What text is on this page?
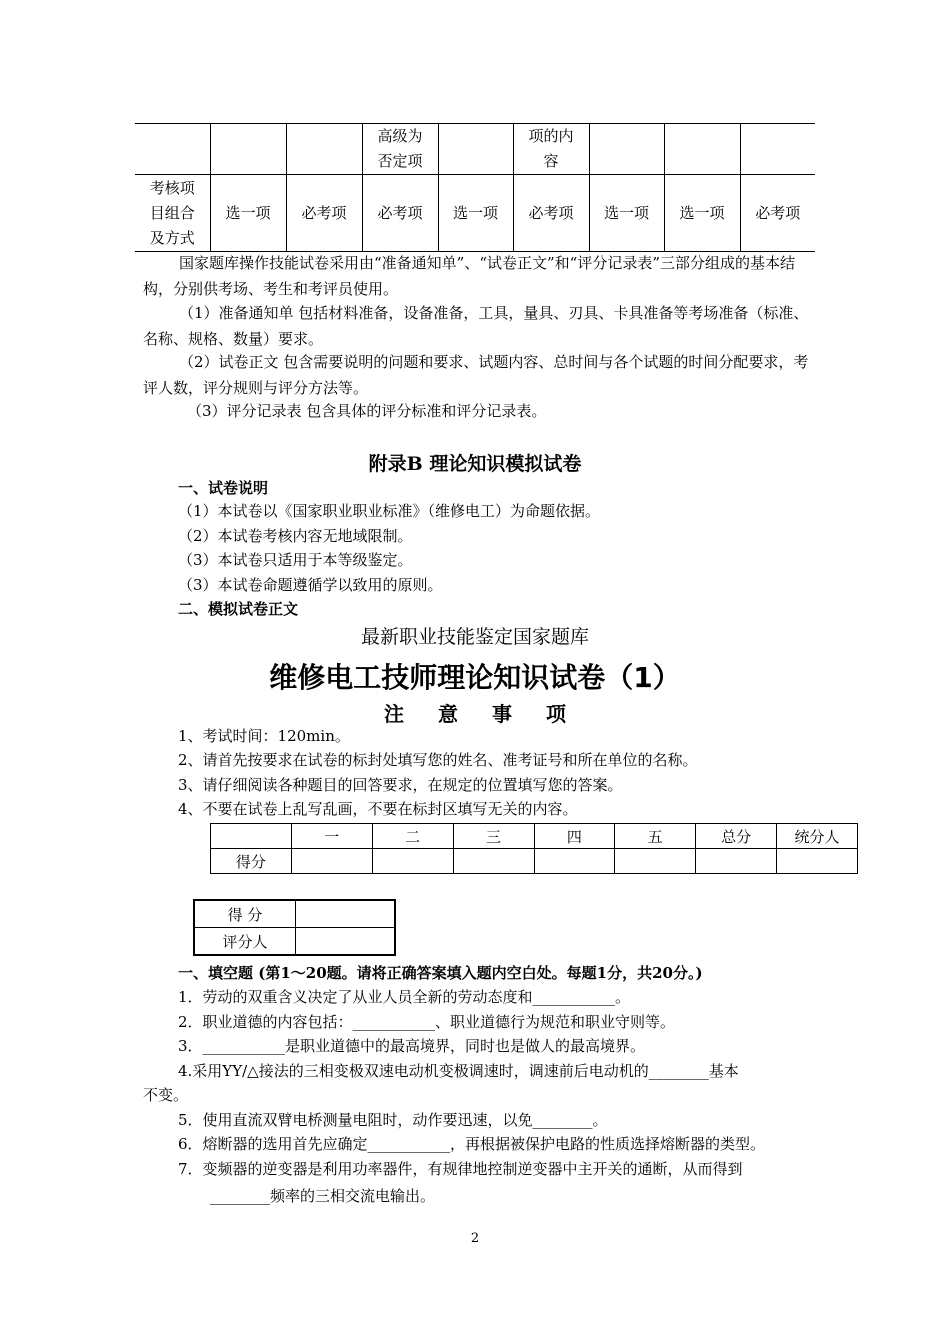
			高级为
否定项		项的内
容			
考核项
目组合
及方式	选一项	必考项	必考项	选一项	必考项	选一项	选一项	必考项
国家题库操作技能试卷采用由“准备通知单”、“试卷正文”和“评分记录表”三部分组成的基本结构，分别供考场、考生和考评员使用。
（1）准备通知单 包括材料准备，设备准备，工具，量具、刃具、卡具准备等考场准备（标准、名称、规格、数量）要求。
（2）试卷正文 包含需要说明的问题和要求、试题内容、总时间与各个试题的时间分配要求，考评人数，评分规则与评分方法等。
（3）评分记录表 包含具体的评分标准和评分记录表。
附录B 理论知识模拟试卷
一、试卷说明
（1）本试卷以《国家职业职业标准》（维修电工）为命题依据。
（2）本试卷考核内容无地域限制。
（3）本试卷只适用于本等级鉴定。
（3）本试卷命题遵循学以致用的原则。
二、模拟试卷正文
最新职业技能鉴定国家题库
维修电工技师理论知识试卷（1）
注意事项
1、考试时间：120min。
2、请首先按要求在试卷的标封处填写您的姓名、准考证号和所在单位的名称。
3、请仔细阅读各种题目的回答要求，在规定的位置填写您的答案。
4、不要在试卷上乱写乱画，不要在标封区填写无关的内容。
	一	二	三	四	五	总分	统分人
得分							
得 分	
评分人	
一、填空题 (第1～20题。请将正确答案填入题内空白处。每题1分，共20分。)
1．劳动的双重含义决定了从业人员全新的劳动态度和___________。
2．职业道德的内容包括：___________、职业道德行为规范和职业守则等。
3．___________是职业道德中的最高境界，同时也是做人的最高境界。
4.采用YY/△接法的三相变极双速电动机变极调速时，调速前后电动机的________基本
不变。
5．使用直流双臂电桥测量电阻时，动作要迅速，以免________。
6．熔断器的选用首先应确定___________，再根据被保护电路的性质选择熔断器的类型。
7．变频器的逆变器是利用功率器件，有规律地控制逆变器中主开关的通断，从而得到
________频率的三相交流电输出。
2
